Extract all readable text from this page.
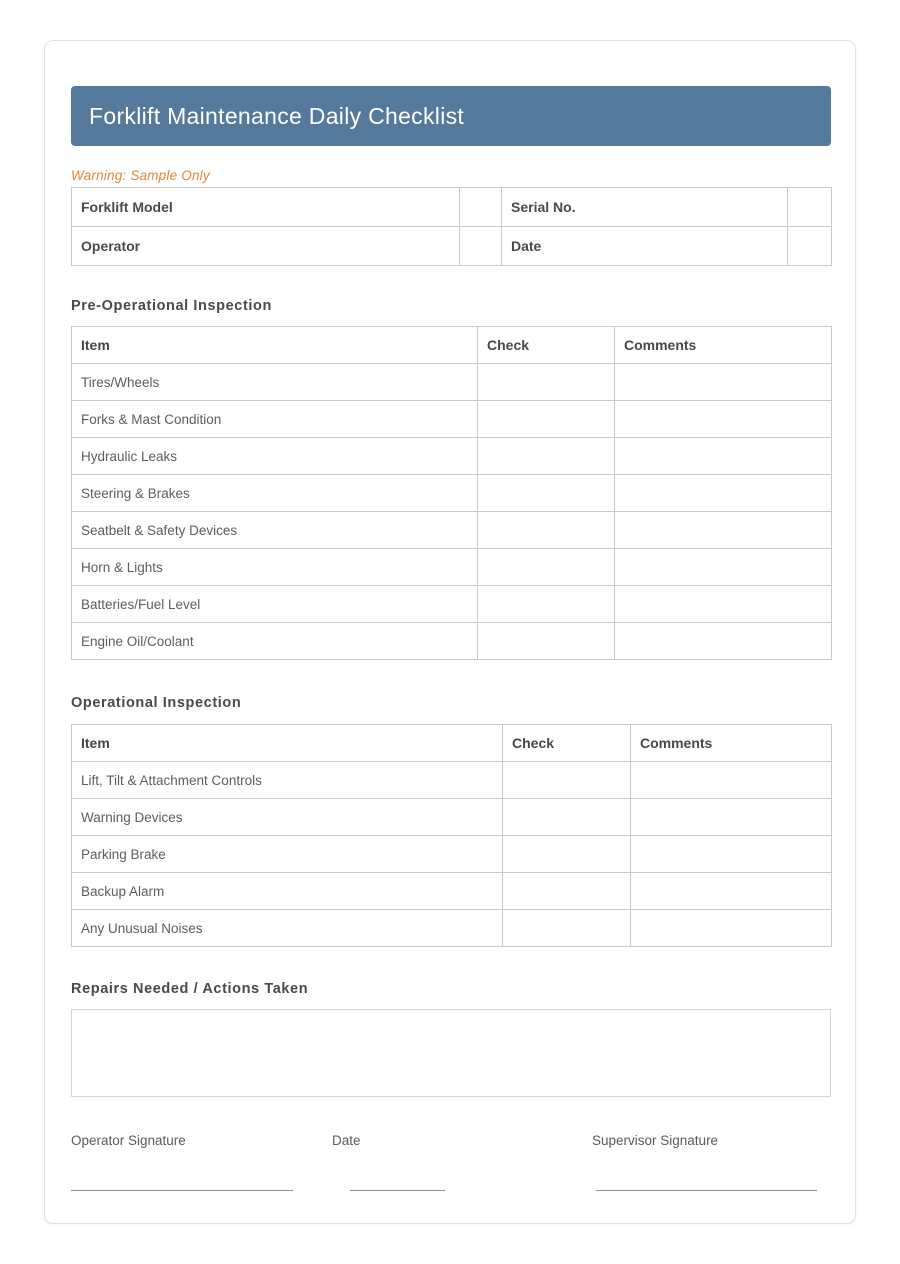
Forklift Maintenance Daily Checklist
Warning: Sample Only
Forklift Model		Serial No.	
Operator		Date	
Pre-Operational Inspection
Item	Check	Comments
Tires/Wheels		
Forks & Mast Condition		
Hydraulic Leaks		
Steering & Brakes		
Seatbelt & Safety Devices		
Horn & Lights		
Batteries/Fuel Level		
Engine Oil/Coolant		
Operational Inspection
Item	Check	Comments
Lift, Tilt & Attachment Controls		
Warning Devices		
Parking Brake		
Backup Alarm		
Any Unusual Noises		
Repairs Needed / Actions Taken
Operator Signature	Date	Supervisor Signature
